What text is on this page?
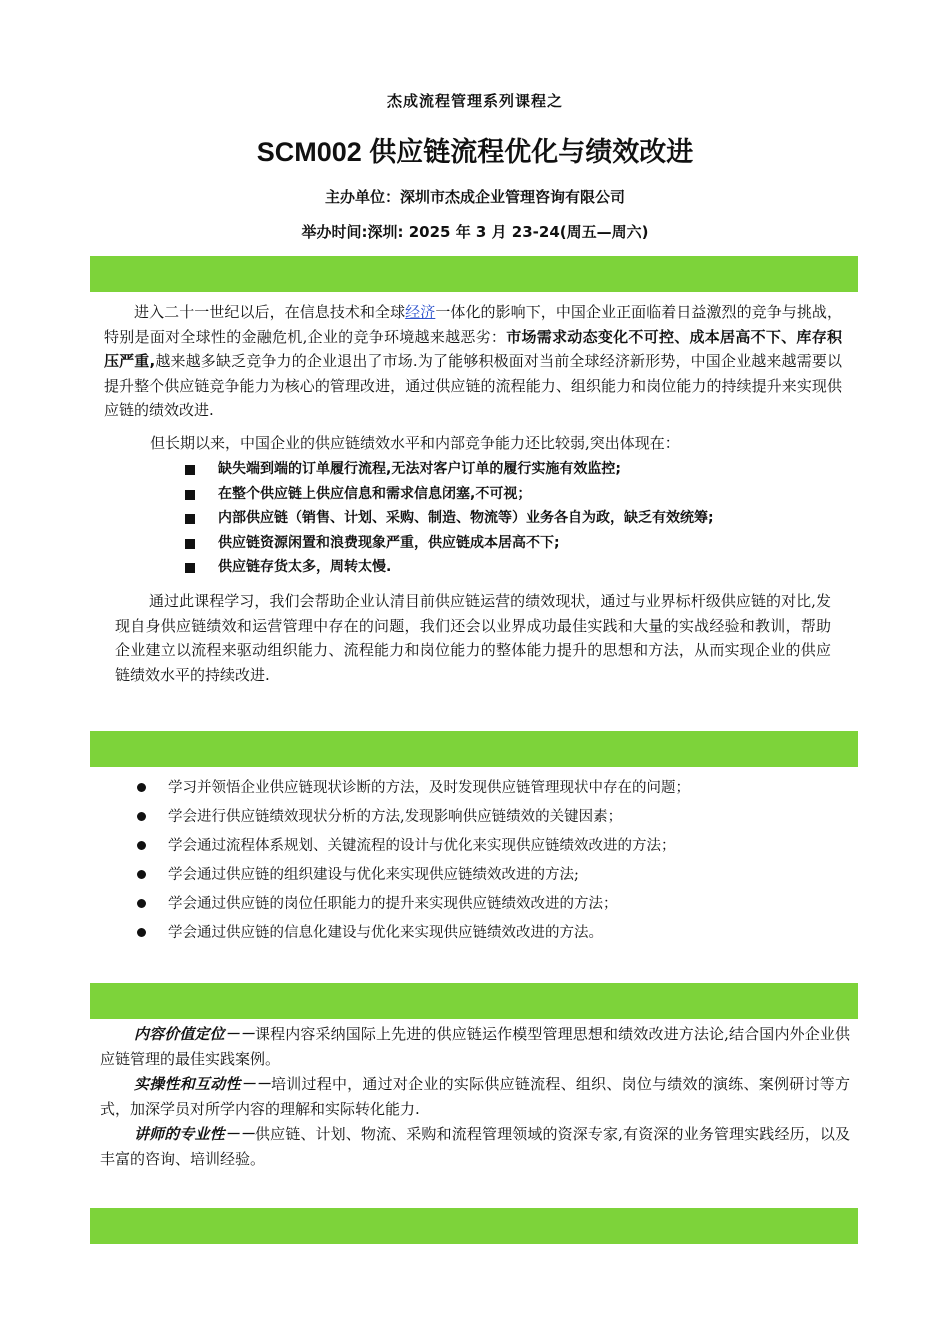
杰成流程管理系列课程之
SCM002 供应链流程优化与绩效改进
主办单位：深圳市杰成企业管理咨询有限公司
举办时间:深圳: 2025 年 3 月 23-24(周五—周六)
进入二十一世纪以后，在信息技术和全球经济一体化的影响下，中国企业正面临着日益激烈的竞争与挑战，特别是面对全球性的金融危机,企业的竞争环境越来越恶劣：市场需求动态变化不可控、成本居高不下、库存积压严重,越来越多缺乏竞争力的企业退出了市场.为了能够积极面对当前全球经济新形势，中国企业越来越需要以提升整个供应链竞争能力为核心的管理改进，通过供应链的流程能力、组织能力和岗位能力的持续提升来实现供应链的绩效改进.
但长期以来，中国企业的供应链绩效水平和内部竞争能力还比较弱,突出体现在：
缺失端到端的订单履行流程,无法对客户订单的履行实施有效监控;
在整个供应链上供应信息和需求信息闭塞,不可视；
内部供应链（销售、计划、采购、制造、物流等）业务各自为政，缺乏有效统筹;
供应链资源闲置和浪费现象严重，供应链成本居高不下;
供应链存货太多，周转太慢.
通过此课程学习，我们会帮助企业认清目前供应链运营的绩效现状，通过与业界标杆级供应链的对比,发现自身供应链绩效和运营管理中存在的问题，我们还会以业界成功最佳实践和大量的实战经验和教训，帮助企业建立以流程来驱动组织能力、流程能力和岗位能力的整体能力提升的思想和方法，从而实现企业的供应链绩效水平的持续改进.
学习并领悟企业供应链现状诊断的方法，及时发现供应链管理现状中存在的问题；
学会进行供应链绩效现状分析的方法,发现影响供应链绩效的关键因素；
学会通过流程体系规划、关键流程的设计与优化来实现供应链绩效改进的方法；
学会通过供应链的组织建设与优化来实现供应链绩效改进的方法;
学会通过供应链的岗位任职能力的提升来实现供应链绩效改进的方法；
学会通过供应链的信息化建设与优化来实现供应链绩效改进的方法。
内容价值定位－－课程内容采纳国际上先进的供应链运作模型管理思想和绩效改进方法论,结合国内外企业供应链管理的最佳实践案例。
实操性和互动性－－培训过程中，通过对企业的实际供应链流程、组织、岗位与绩效的演练、案例研讨等方式，加深学员对所学内容的理解和实际转化能力.
讲师的专业性－－供应链、计划、物流、采购和流程管理领域的资深专家,有资深的业务管理实践经历，以及丰富的咨询、培训经验。
